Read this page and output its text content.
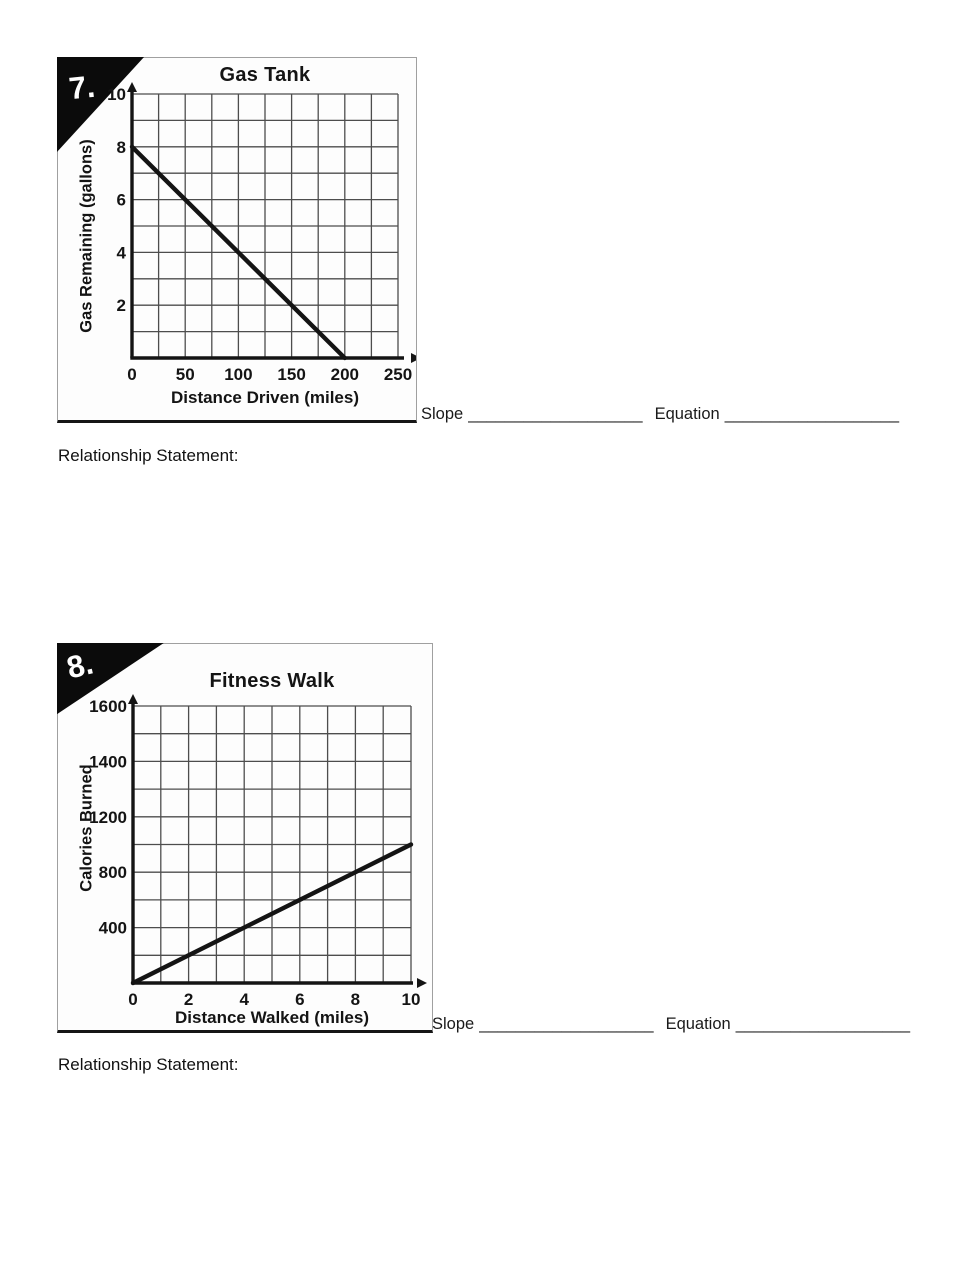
7.	Gas Tank
Gas Remaining (gallons)
0 50 100 150 200 250
10
8
6
4
2
Distance Driven (miles)
Slope ___________________ Equation ___________________
Relationship Statement:
8.	Fitness Walk
Calories Burned
0	2	4	6	8 10
1600
1400
1200
800
400
Distance Walked (miles)	Slope ___________________ Equation ___________________
Relationship Statement:
